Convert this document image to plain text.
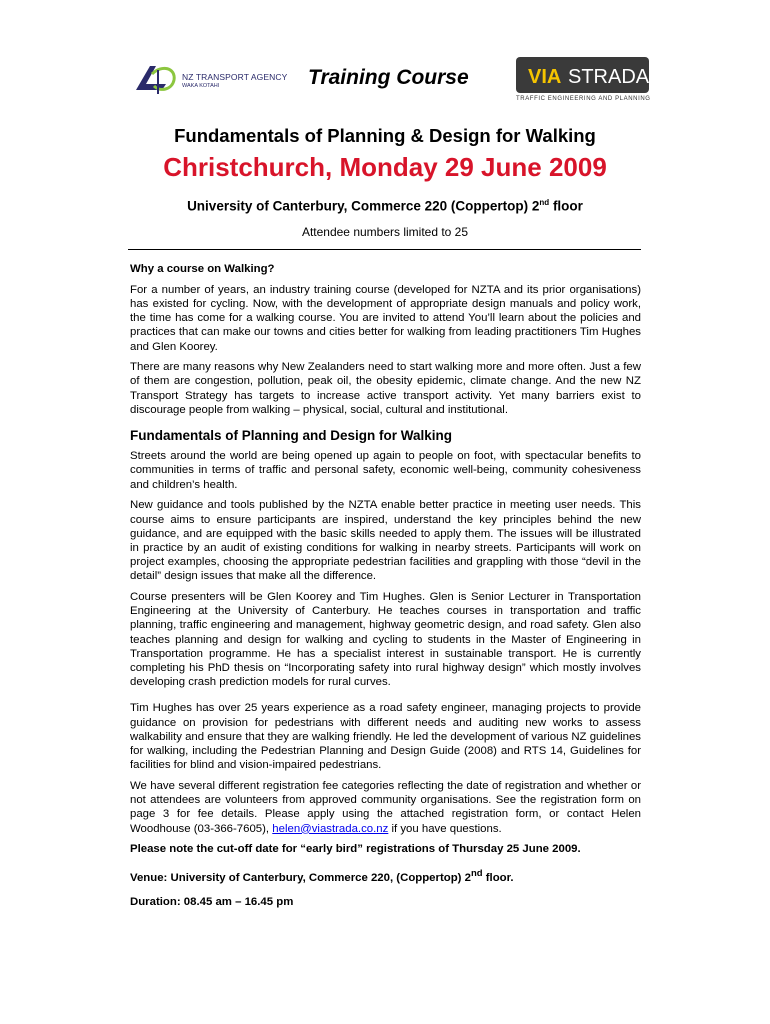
NZ TRANSPORT AGENCY
WAKA KOTAHI	Training Course	VIA STRADA
TRAFFIC ENGINEERING AND PLANNING
Fundamentals of Planning & Design for Walking
Christchurch, Monday 29 June 2009
University of Canterbury, Commerce 220 (Coppertop) 2nd floor
Attendee numbers limited to 25

Why a course on Walking?

For a number of years, an industry training course (developed for NZTA and its prior organisations) has existed for cycling. Now, with the development of appropriate design manuals and policy work, the time has come for a walking course. You are invited to attend You’ll learn about the policies and practices that can make our towns and cities better for walking from leading practitioners Tim Hughes and Glen Koorey.

There are many reasons why New Zealanders need to start walking more and more often. Just a few of them are congestion, pollution, peak oil, the obesity epidemic, climate change. And the new NZ Transport Strategy has targets to increase active transport activity. Yet many barriers exist to discourage people from walking – physical, social, cultural and institutional.

Fundamentals of Planning and Design for Walking

Streets around the world are being opened up again to people on foot, with spectacular benefits to communities in terms of traffic and personal safety, economic well-being, community cohesiveness and children’s health.

New guidance and tools published by the NZTA enable better practice in meeting user needs. This course aims to ensure participants are inspired, understand the key principles behind the new guidance, and are equipped with the basic skills needed to apply them. The issues will be illustrated in practice by an audit of existing conditions for walking in nearby streets. Participants will work on project examples, choosing the appropriate pedestrian facilities and grappling with those “devil in the detail” design issues that make all the difference.

Course presenters will be Glen Koorey and Tim Hughes. Glen is Senior Lecturer in Transportation Engineering at the University of Canterbury. He teaches courses in transportation and traffic planning, traffic engineering and management, highway geometric design, and road safety. Glen also teaches planning and design for walking and cycling to students in the Master of Engineering in Transportation programme. He has a specialist interest in sustainable transport. He is currently completing his PhD thesis on “Incorporating safety into rural highway design” which mostly involves developing crash prediction models for rural curves.

Tim Hughes has over 25 years experience as a road safety engineer, managing projects to provide guidance on provision for pedestrians with different needs and auditing new works to assess walkability and ensure that they are walking friendly. He led the development of various NZ guidelines for walking, including the Pedestrian Planning and Design Guide (2008) and RTS 14, Guidelines for facilities for blind and vision-impaired pedestrians.

We have several different registration fee categories reflecting the date of registration and whether or not attendees are volunteers from approved community organisations. See the registration form on page 3 for fee details. Please apply using the attached registration form, or contact Helen Woodhouse (03-366-7605), helen@viastrada.co.nz if you have questions.

Please note the cut-off date for “early bird” registrations of Thursday 25 June 2009.

Venue: University of Canterbury, Commerce 220, (Coppertop) 2nd floor.

Duration: 08.45 am – 16.45 pm
